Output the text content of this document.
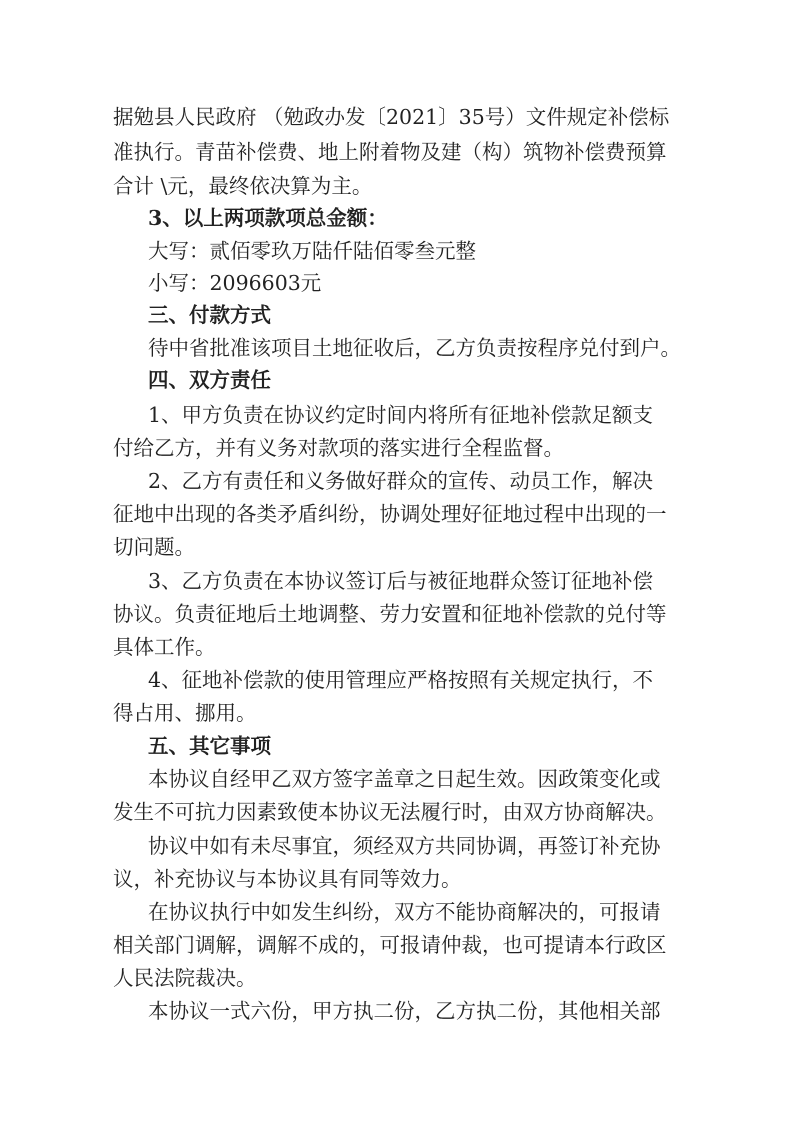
据勉县人民政府 （勉政办发〔2021〕35号）文件规定补偿标
准执行。青苗补偿费、地上附着物及建（构）筑物补偿费预算
合计 \元，最终依决算为主。
3、以上两项款项总金额：
大写：贰佰零玖万陆仟陆佰零叁元整
小写：2096603元
三、付款方式
待中省批准该项目土地征收后，乙方负责按程序兑付到户。
四、双方责任
1、甲方负责在协议约定时间内将所有征地补偿款足额支
付给乙方，并有义务对款项的落实进行全程监督。
2、乙方有责任和义务做好群众的宣传、动员工作，解决
征地中出现的各类矛盾纠纷，协调处理好征地过程中出现的一
切问题。
3、乙方负责在本协议签订后与被征地群众签订征地补偿
协议。负责征地后土地调整、劳力安置和征地补偿款的兑付等
具体工作。
4、征地补偿款的使用管理应严格按照有关规定执行，不
得占用、挪用。
五、其它事项
本协议自经甲乙双方签字盖章之日起生效。因政策变化或
发生不可抗力因素致使本协议无法履行时，由双方协商解决。
协议中如有未尽事宜，须经双方共同协调，再签订补充协
议，补充协议与本协议具有同等效力。
在协议执行中如发生纠纷，双方不能协商解决的，可报请
相关部门调解，调解不成的，可报请仲裁，也可提请本行政区
人民法院裁决。
本协议一式六份，甲方执二份，乙方执二份，其他相关部
